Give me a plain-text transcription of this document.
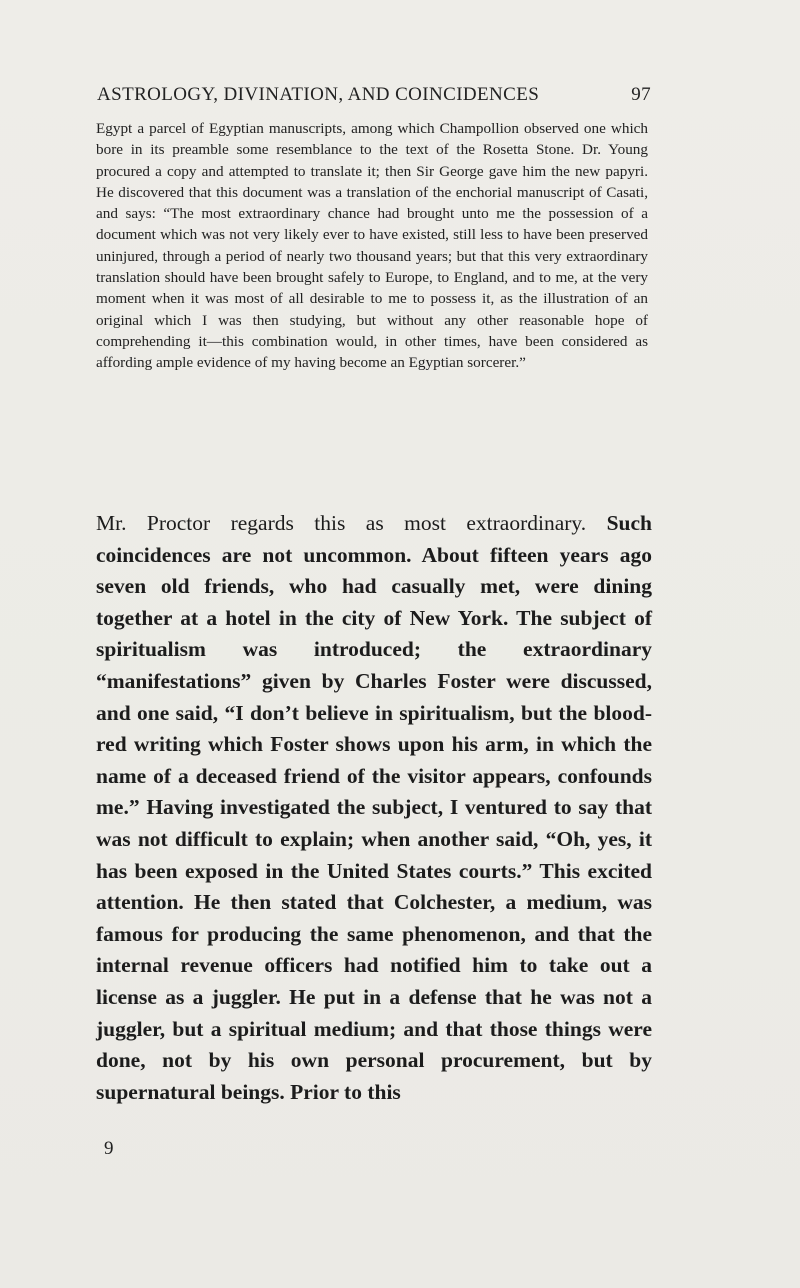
ASTROLOGY, DIVINATION, AND COINCIDENCES	97

Egypt a parcel of Egyptian manuscripts, among which Champollion observed one which bore in its preamble some resemblance to the text of the Rosetta Stone. Dr. Young procured a copy and attempted to translate it; then Sir George gave him the new papyri. He discovered that this document was a translation of the enchorial manuscript of Casati, and says: “The most extraordinary chance had brought unto me the possession of a document which was not very likely ever to have existed, still less to have been preserved uninjured, through a period of nearly two thousand years; but that this very extraordinary translation should have been brought safely to Europe, to England, and to me, at the very moment when it was most of all desirable to me to possess it, as the illustration of an original which I was then studying, but without any other reasonable hope of comprehending it—this combination would, in other times, have been considered as affording ample evidence of my having become an Egyptian sorcerer.”

Mr. Proctor regards this as most extraordinary. Such coincidences are not uncommon. About fifteen years ago seven old friends, who had casually met, were dining together at a hotel in the city of New York. The subject of spiritualism was introduced; the extraordinary “manifestations” given by Charles Foster were discussed, and one said, “I don’t believe in spiritualism, but the blood-red writing which Foster shows upon his arm, in which the name of a deceased friend of the visitor appears, confounds me.” Having investigated the subject, I ventured to say that was not difficult to explain; when another said, “Oh, yes, it has been exposed in the United States courts.” This excited attention. He then stated that Colchester, a medium, was famous for producing the same phenomenon, and that the internal revenue officers had notified him to take out a license as a juggler. He put in a defense that he was not a juggler, but a spiritual medium; and that those things were done, not by his own personal procurement, but by supernatural beings. Prior to this

9
